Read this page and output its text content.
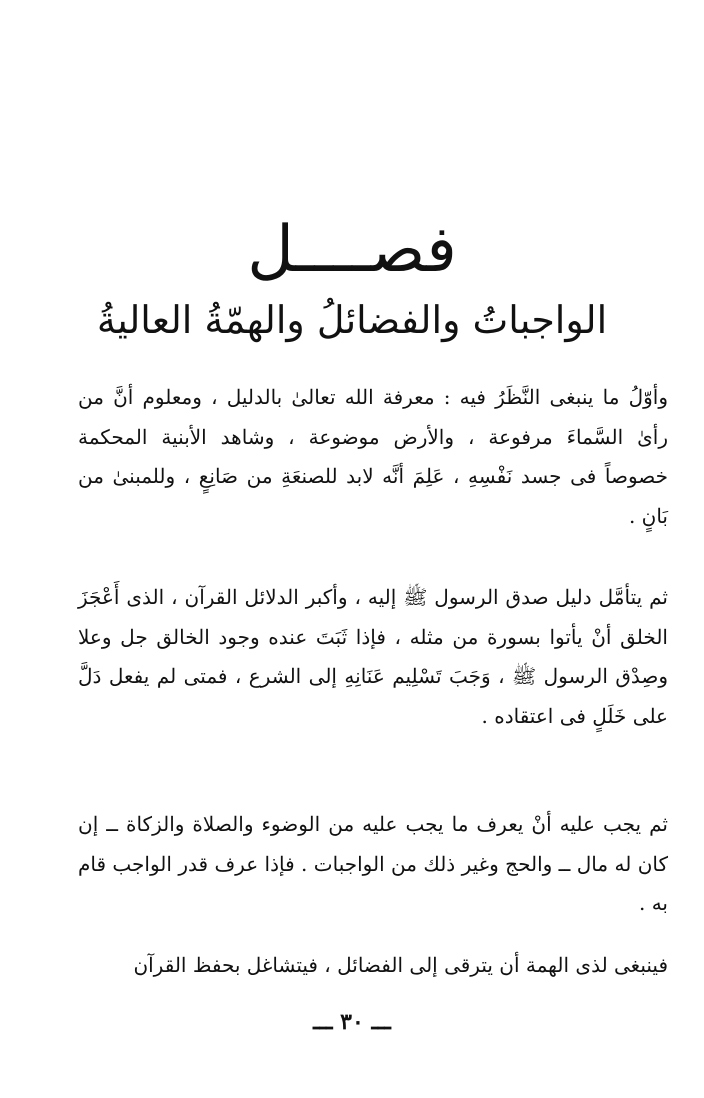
فصــــل
الواجباتُ والفضائلُ والهمّةُ العاليةُ

وأوّلُ ما ينبغى النَّظَرُ فيه : معرفة الله تعالىٰ بالدليل ، ومعلوم أنَّ من رأىٰ السَّماءَ مرفوعة ، والأرض موضوعة ، وشاهد الأبنية المحكمة خصوصاً فى جسد نَفْسِهِ ، عَلِمَ أنَّه لابد للصنعَةِ من صَانِعٍ ، وللمبنىٰ من بَانٍ .

ثم يتأمَّل دليل صدق الرسول ﷺ إليه ، وأكبر الدلائل القرآن ، الذى أَعْجَزَ الخلق أنْ يأتوا بسورة من مثله ، فإذا ثَبَتَ عنده وجود الخالق جل وعلا وصِدْق الرسول ﷺ ، وَجَبَ تَسْلِيم عَنَانِهِ إلى الشرع ، فمتى لم يفعل دَلَّ على خَلَلٍ فى اعتقاده .

ثم يجب عليه أنْ يعرف ما يجب عليه من الوضوء والصلاة والزكاة ــ إن كان له مال ــ والحج وغير ذلك من الواجبات . فإذا عرف قدر الواجب قام به .

فينبغى لذى الهمة أن يترقى إلى الفضائل ، فيتشاغل بحفظ القرآن

ـــ ٣٠ ـــ
